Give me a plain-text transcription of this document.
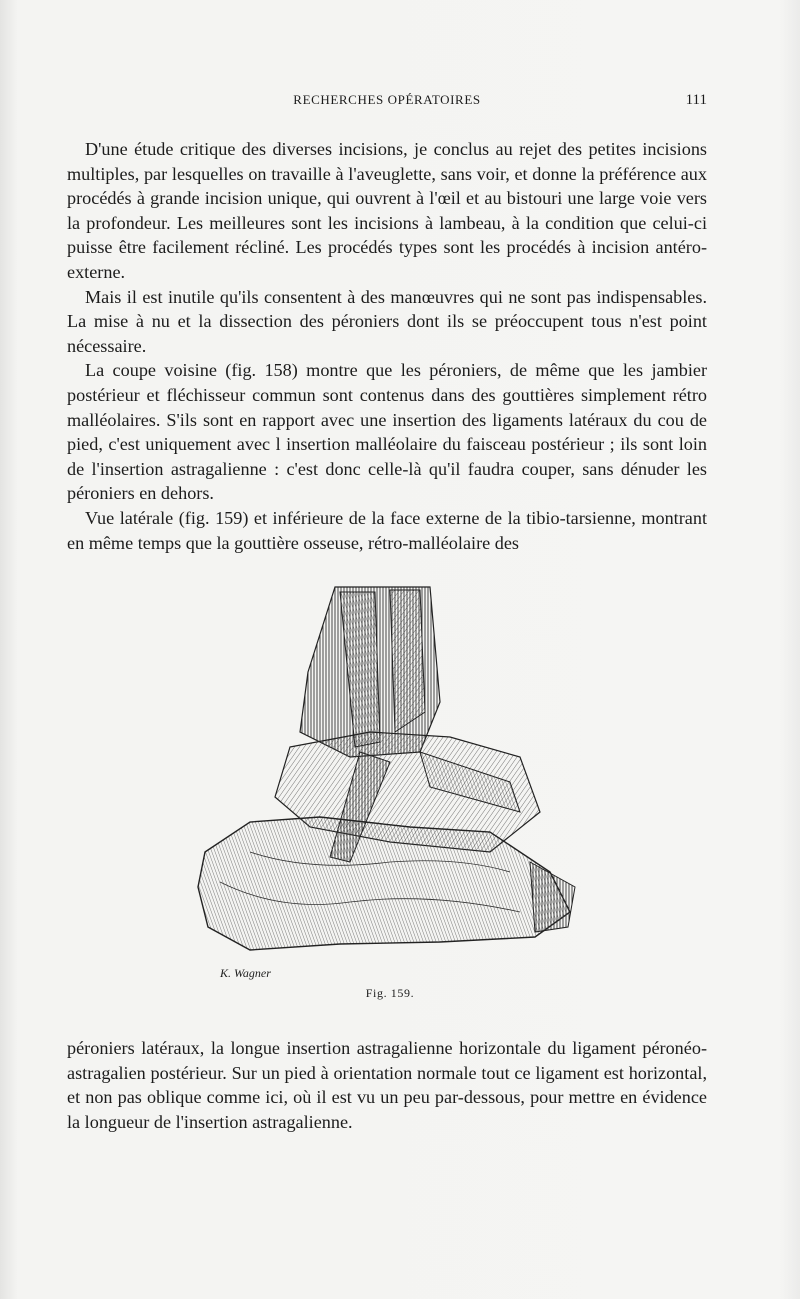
RECHERCHES OPÉRATOIRES	111

D'une étude critique des diverses incisions, je conclus au rejet des petites incisions multiples, par lesquelles on travaille à l'aveuglette, sans voir, et donne la préférence aux procédés à grande incision unique, qui ouvrent à l'œil et au bistouri une large voie vers la profondeur. Les meilleures sont les incisions à lambeau, à la condition que celui-ci puisse être facilement récliné. Les procédés types sont les procédés à incision antéro-externe.

Mais il est inutile qu'ils consentent à des manœuvres qui ne sont pas indispensables. La mise à nu et la dissection des péroniers dont ils se préoccupent tous n'est point nécessaire.

La coupe voisine (fig. 158) montre que les péroniers, de même que les jambier postérieur et fléchisseur commun sont contenus dans des gouttières simplement rétro malléolaires. S'ils sont en rapport avec une insertion des ligaments latéraux du cou de pied, c'est uniquement avec l insertion malléolaire du faisceau postérieur ; ils sont loin de l'insertion astragalienne : c'est donc celle-là qu'il faudra couper, sans dénuder les péroniers en dehors.

Vue latérale (fig. 159) et inférieure de la face externe de la tibio-tarsienne, montrant en même temps que la gouttière osseuse, rétro-malléolaire des

K. Wagner
Fig. 159.

péroniers latéraux, la longue insertion astragalienne horizontale du ligament péronéo-astragalien postérieur. Sur un pied à orientation normale tout ce ligament est horizontal, et non pas oblique comme ici, où il est vu un peu par-dessous, pour mettre en évidence la longueur de l'insertion astragalienne.
